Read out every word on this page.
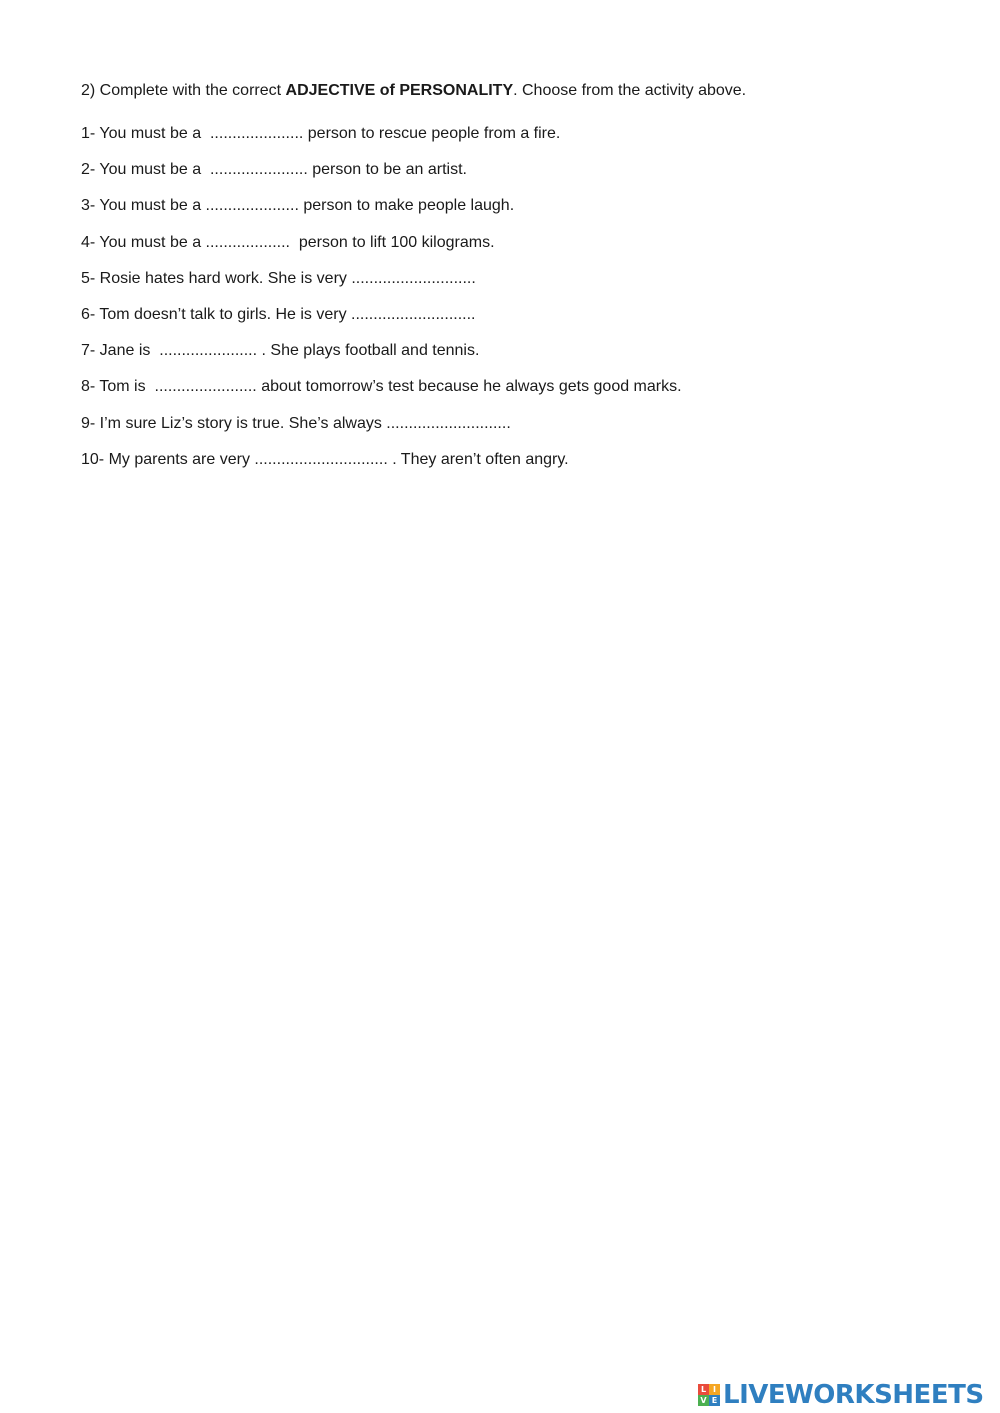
2) Complete with the correct ADJECTIVE of PERSONALITY. Choose from the activity above.
1- You must be a  ..................... person to rescue people from a fire.
2- You must be a  ...................... person to be an artist.
3- You must be a ..................... person to make people laugh.
4- You must be a ...................  person to lift 100 kilograms.
5- Rosie hates hard work. She is very ............................
6- Tom doesn’t talk to girls. He is very ............................
7- Jane is  ...................... . She plays football and tennis.
8- Tom is  ....................... about tomorrow’s test because he always gets good marks.
9- I’m sure Liz’s story is true. She’s always ............................
10- My parents are very .............................. . They aren’t often angry.
L I
V E LIVEWORKSHEETS
